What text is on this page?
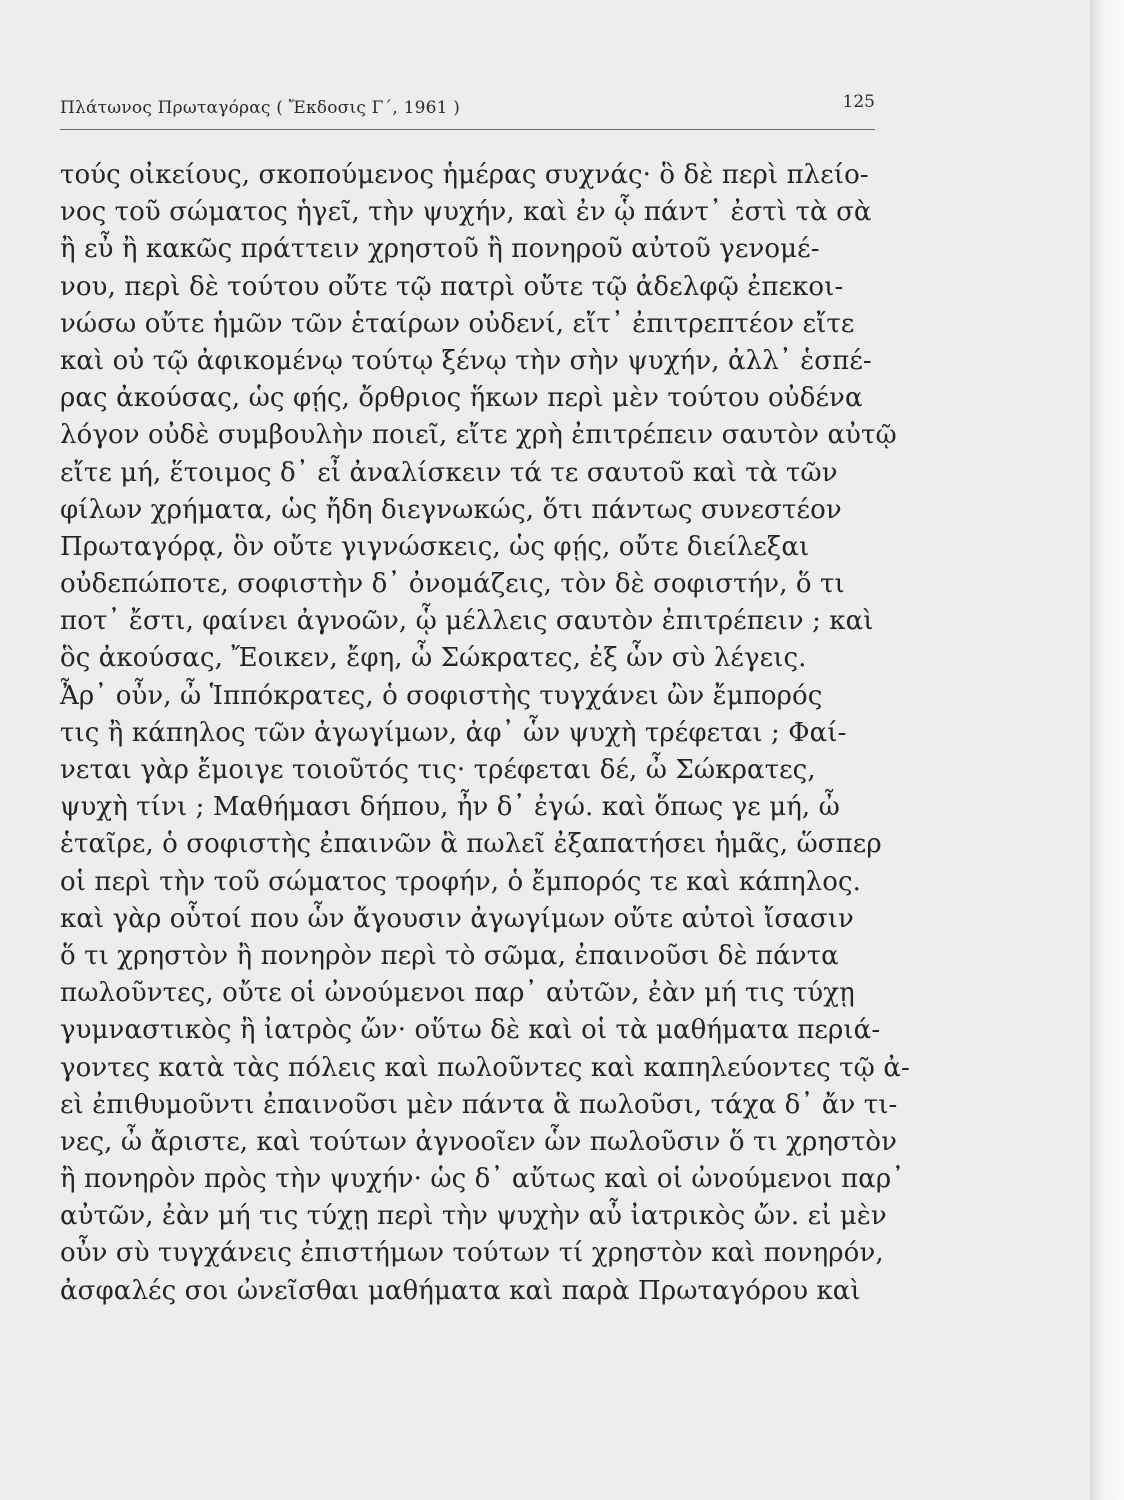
Πλάτωνος Πρωταγόρας ( Ἔκδοσις Γ΄, 1961 )	125
τούς οἰκείους, σκοπούμενος ἡμέρας συχνάς· ὃ δὲ περὶ πλείο-
νος τοῦ σώματος ἡγεῖ, τὴν ψυχήν, καὶ ἐν ᾧ πάντ᾽ ἐστὶ τὰ σὰ
ἢ εὖ ἢ κακῶς πράττειν χρηστοῦ ἢ πονηροῦ αὐτοῦ γενομέ-
νου, περὶ δὲ τούτου οὔτε τῷ πατρὶ οὔτε τῷ ἀδελφῷ ἐπεκοι-
νώσω οὔτε ἡμῶν τῶν ἑταίρων οὐδενί, εἴτ᾽ ἐπιτρεπτέον εἴτε
καὶ οὐ τῷ ἀφικομένῳ τούτῳ ξένῳ τὴν σὴν ψυχήν, ἀλλ᾽ ἑσπέ-
ρας ἀκούσας, ὡς φῄς, ὄρθριος ἥκων περὶ μὲν τούτου οὐδένα
λόγον οὐδὲ συμβουλὴν ποιεῖ, εἴτε χρὴ ἐπιτρέπειν σαυτὸν αὐτῷ
εἴτε μή, ἕτοιμος δ᾽ εἶ ἀναλίσκειν τά τε σαυτοῦ καὶ τὰ τῶν
φίλων χρήματα, ὡς ἤδη διεγνωκώς, ὅτι πάντως συνεστέον
Πρωταγόρᾳ, ὃν οὔτε γιγνώσκεις, ὡς φῄς, οὔτε διείλεξαι
οὐδεπώποτε, σοφιστὴν δ᾽ ὀνομάζεις, τὸν δὲ σοφιστήν, ὅ τι
ποτ᾽ ἔστι, φαίνει ἀγνοῶν, ᾧ μέλλεις σαυτὸν ἐπιτρέπειν ; καὶ
ὃς ἀκούσας, Ἔοικεν, ἔφη, ὦ Σώκρατες, ἐξ ὧν σὺ λέγεις.
Ἆρ᾽ οὖν, ὦ Ἱππόκρατες, ὁ σοφιστὴς τυγχάνει ὢν ἔμπορός
τις ἢ κάπηλος τῶν ἀγωγίμων, ἀφ᾽ ὧν ψυχὴ τρέφεται ; Φαί-
νεται γὰρ ἔμοιγε τοιοῦτός τις· τρέφεται δέ, ὦ Σώκρατες,
ψυχὴ τίνι ; Μαθήμασι δήπου, ἦν δ᾽ ἐγώ. καὶ ὅπως γε μή, ὦ
ἑταῖρε, ὁ σοφιστὴς ἐπαινῶν ἃ πωλεῖ ἐξαπατήσει ἡμᾶς, ὥσπερ
οἱ περὶ τὴν τοῦ σώματος τροφήν, ὁ ἔμπορός τε καὶ κάπηλος.
καὶ γὰρ οὗτοί που ὧν ἄγουσιν ἀγωγίμων οὔτε αὐτοὶ ἴσασιν
ὅ τι χρηστὸν ἢ πονηρὸν περὶ τὸ σῶμα, ἐπαινοῦσι δὲ πάντα
πωλοῦντες, οὔτε οἱ ὠνούμενοι παρ᾽ αὐτῶν, ἐὰν μή τις τύχῃ
γυμναστικὸς ἢ ἰατρὸς ὤν· οὕτω δὲ καὶ οἱ τὰ μαθήματα περιά-
γοντες κατὰ τὰς πόλεις καὶ πωλοῦντες καὶ καπηλεύοντες τῷ ἀ-
εὶ ἐπιθυμοῦντι ἐπαινοῦσι μὲν πάντα ἃ πωλοῦσι, τάχα δ᾽ ἄν τι-
νες, ὦ ἄριστε, καὶ τούτων ἀγνοοῖεν ὧν πωλοῦσιν ὅ τι χρηστὸν
ἢ πονηρὸν πρὸς τὴν ψυχήν· ὡς δ᾽ αὔτως καὶ οἱ ὠνούμενοι παρ᾽
αὐτῶν, ἐὰν μή τις τύχῃ περὶ τὴν ψυχὴν αὖ ἰατρικὸς ὤν. εἰ μὲν
οὖν σὺ τυγχάνεις ἐπιστήμων τούτων τί χρηστὸν καὶ πονηρόν,
ἀσφαλές σοι ὠνεῖσθαι μαθήματα καὶ παρὰ Πρωταγόρου καὶ
